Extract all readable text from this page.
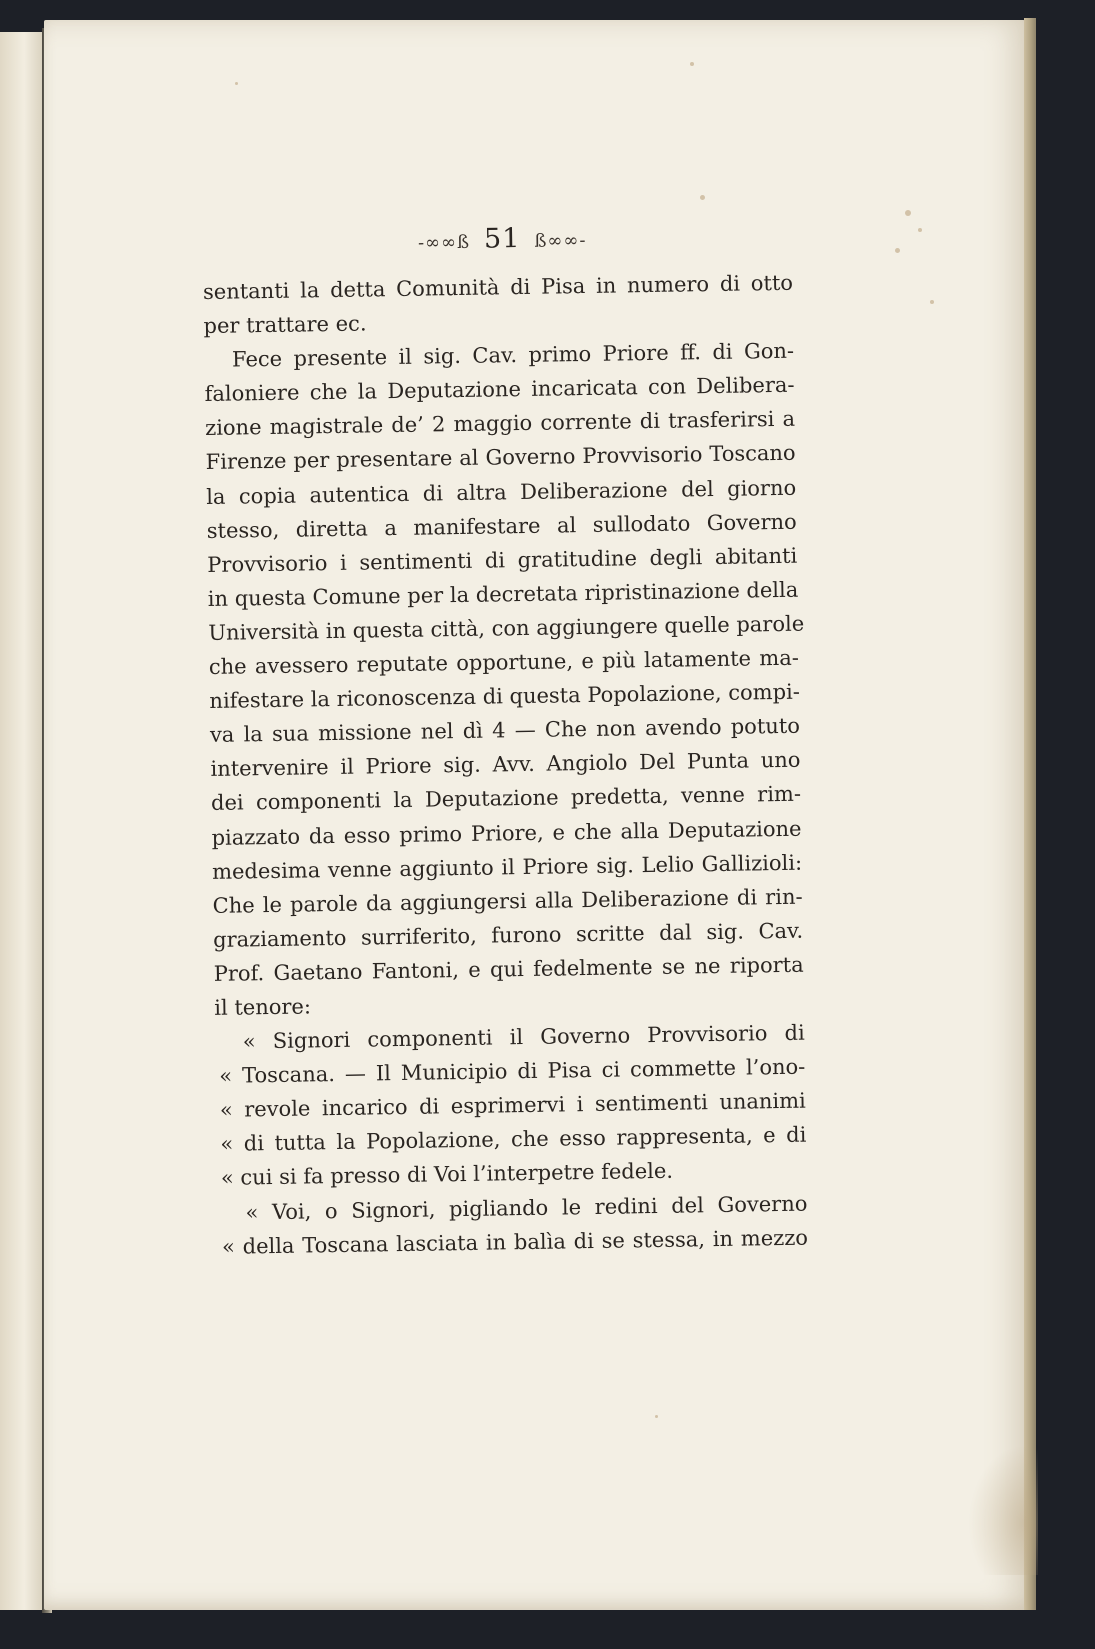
-∞∞ß 51 ß∞∞-
sentanti la detta Comunità di Pisa in numero di otto
per trattare ec.
Fece presente il sig. Cav. primo Priore ff. di Gon-
faloniere che la Deputazione incaricata con Delibera-
zione magistrale de’ 2 maggio corrente di trasferirsi a
Firenze per presentare al Governo Provvisorio Toscano
la copia autentica di altra Deliberazione del giorno
stesso, diretta a manifestare al sullodato Governo
Provvisorio i sentimenti di gratitudine degli abitanti
in questa Comune per la decretata ripristinazione della
Università in questa città, con aggiungere quelle parole
che avessero reputate opportune, e più latamente ma-
nifestare la riconoscenza di questa Popolazione, compi-
va la sua missione nel dì 4 — Che non avendo potuto
intervenire il Priore sig. Avv. Angiolo Del Punta uno
dei componenti la Deputazione predetta, venne rim-
piazzato da esso primo Priore, e che alla Deputazione
medesima venne aggiunto il Priore sig. Lelio Gallizioli:
Che le parole da aggiungersi alla Deliberazione di rin-
graziamento surriferito, furono scritte dal sig. Cav.
Prof. Gaetano Fantoni, e qui fedelmente se ne riporta
il tenore:
« Signori componenti il Governo Provvisorio di
« Toscana. — Il Municipio di Pisa ci commette l’ono-
« revole incarico di esprimervi i sentimenti unanimi
« di tutta la Popolazione, che esso rappresenta, e di
« cui si fa presso di Voi l’interpetre fedele.
« Voi, o Signori, pigliando le redini del Governo
« della Toscana lasciata in balìa di se stessa, in mezzo
